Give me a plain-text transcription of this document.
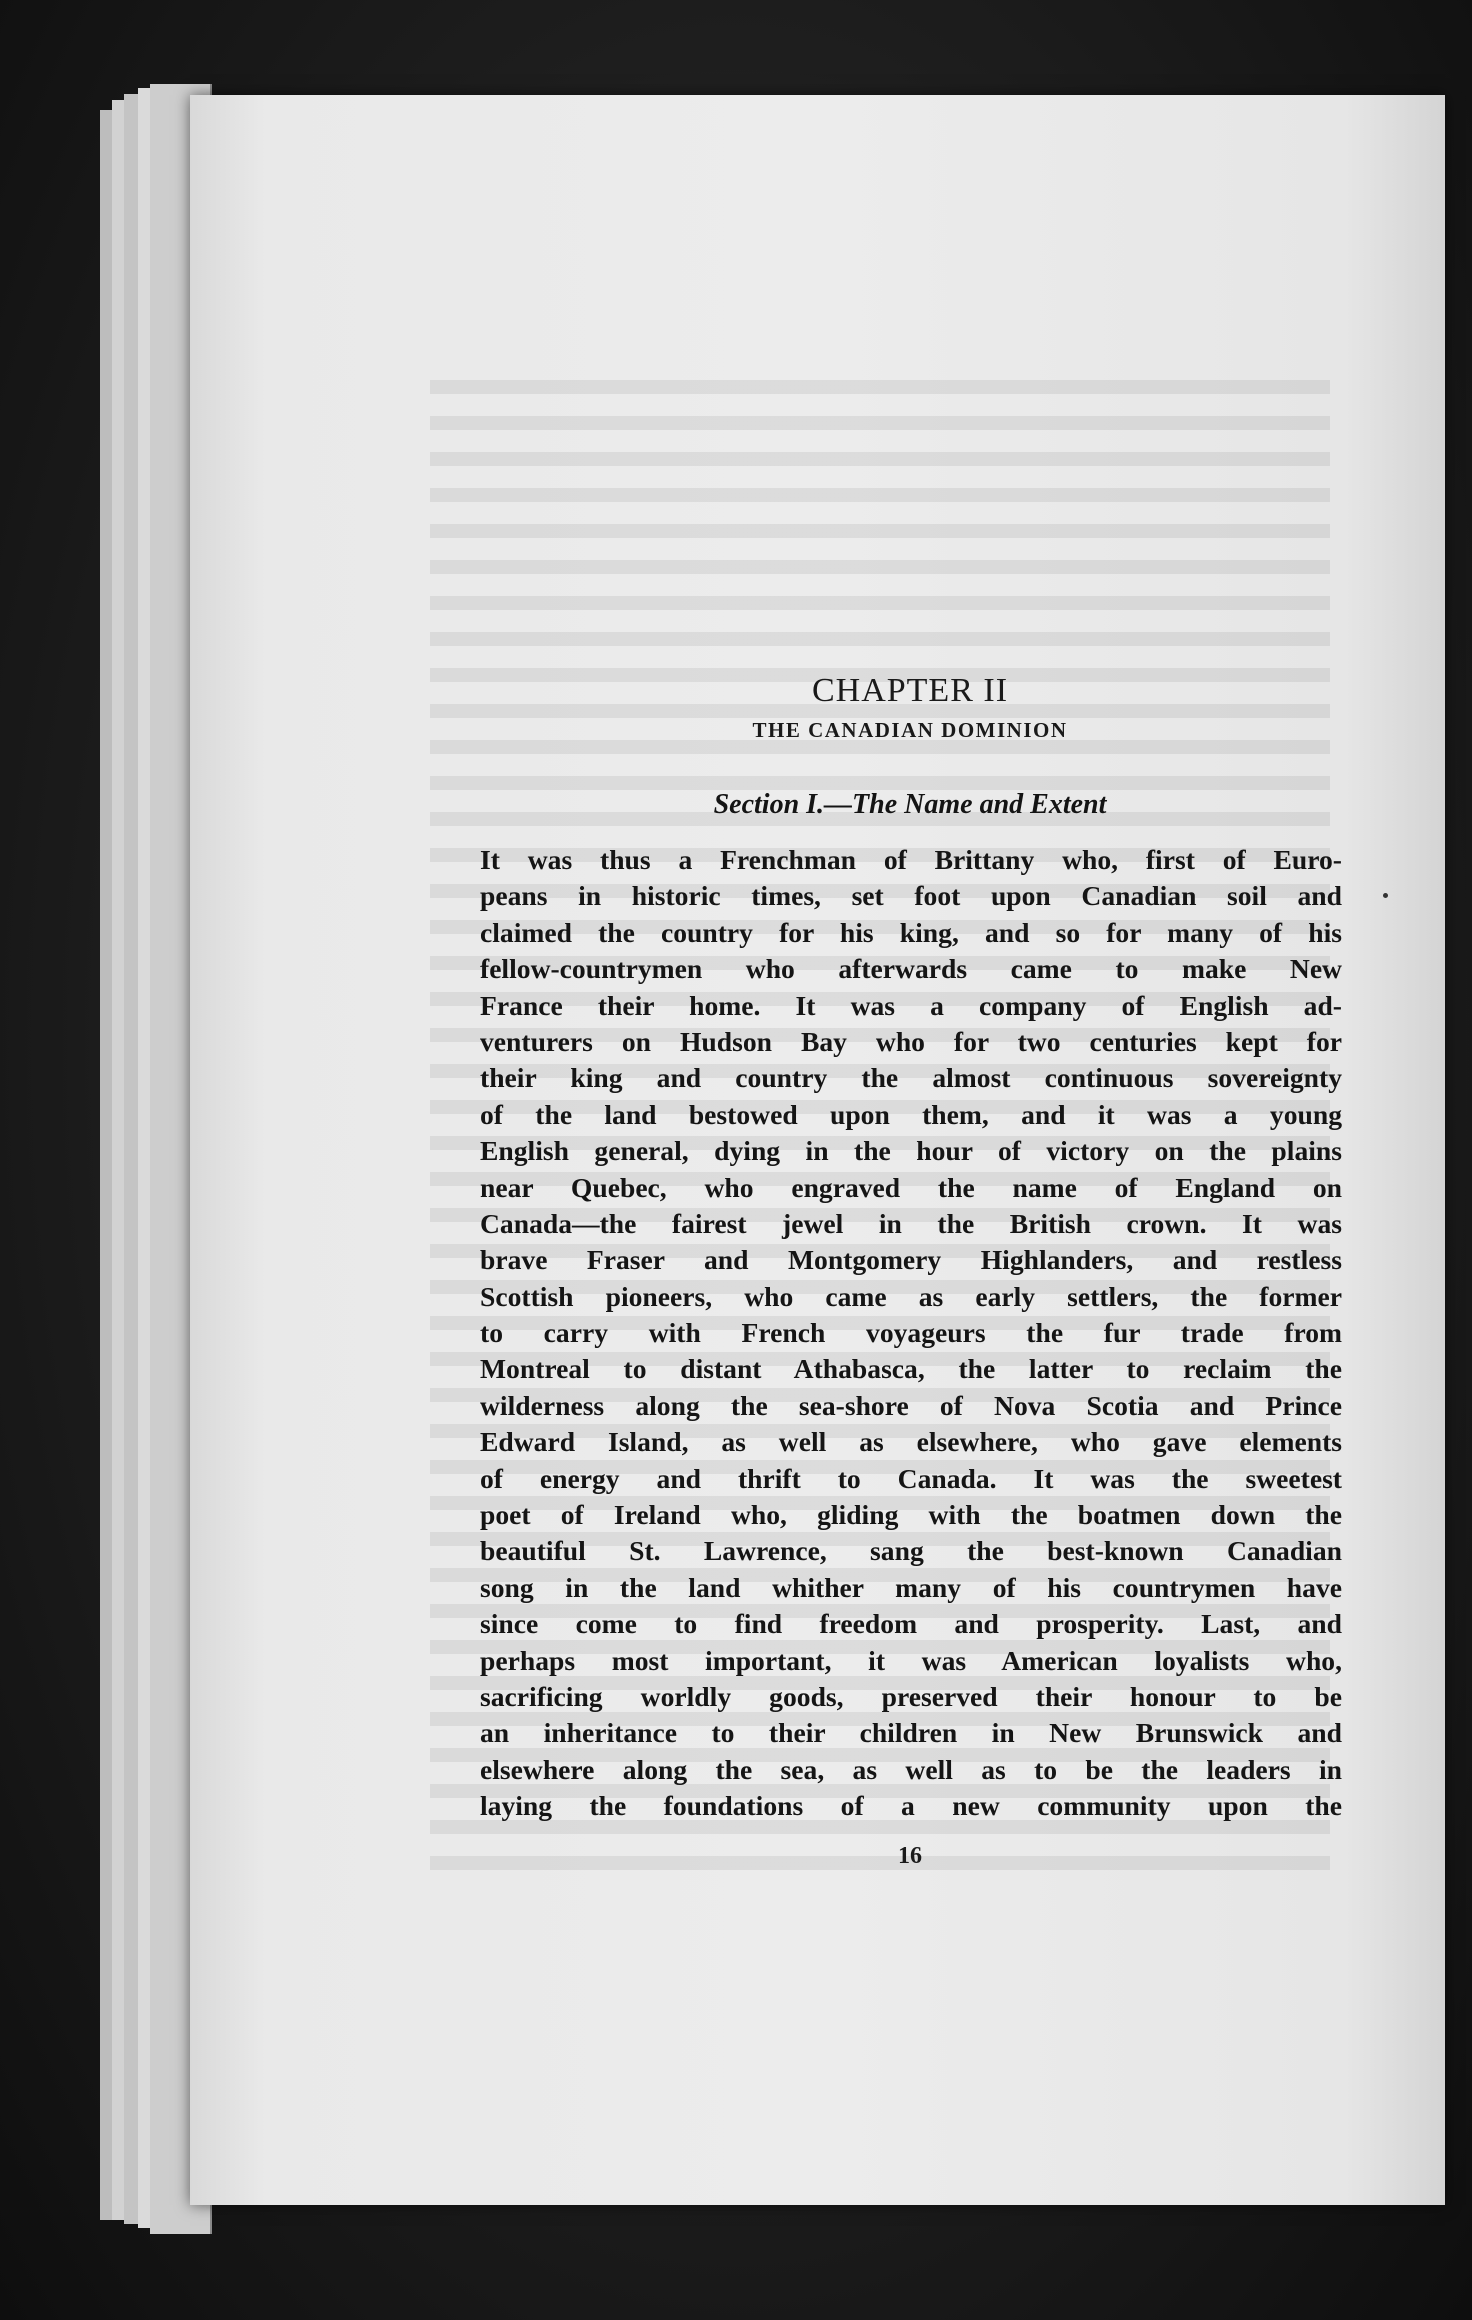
CHAPTER II
THE CANADIAN DOMINION
Section I.—The Name and Extent
It was thus a Frenchman of Brittany who, first of Euro-
peans in historic times, set foot upon Canadian soil and
claimed the country for his king, and so for many of his
fellow-countrymen who afterwards came to make New
France their home. It was a company of English ad-
venturers on Hudson Bay who for two centuries kept for
their king and country the almost continuous sovereignty
of the land bestowed upon them, and it was a young
English general, dying in the hour of victory on the plains
near Quebec, who engraved the name of England on
Canada—the fairest jewel in the British crown. It was
brave Fraser and Montgomery Highlanders, and restless
Scottish pioneers, who came as early settlers, the former
to carry with French voyageurs the fur trade from
Montreal to distant Athabasca, the latter to reclaim the
wilderness along the sea-shore of Nova Scotia and Prince
Edward Island, as well as elsewhere, who gave elements
of energy and thrift to Canada. It was the sweetest
poet of Ireland who, gliding with the boatmen down the
beautiful St. Lawrence, sang the best-known Canadian
song in the land whither many of his countrymen have
since come to find freedom and prosperity. Last, and
perhaps most important, it was American loyalists who,
sacrificing worldly goods, preserved their honour to be
an inheritance to their children in New Brunswick and
elsewhere along the sea, as well as to be the leaders in
laying the foundations of a new community upon the
16
